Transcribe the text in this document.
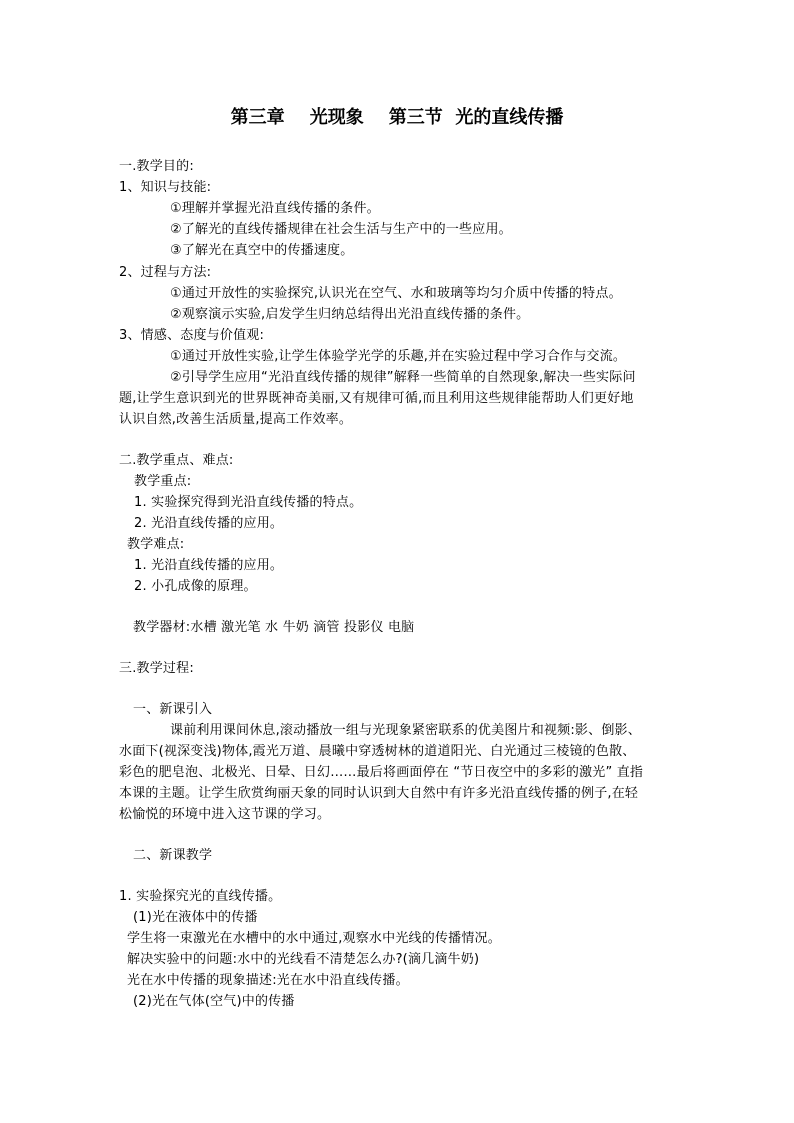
第三章    光现象    第三节  光的直线传播
一.教学目的:
1、知识与技能:
①理解并掌握光沿直线传播的条件。
②了解光的直线传播规律在社会生活与生产中的一些应用。
③了解光在真空中的传播速度。
2、过程与方法:
①通过开放性的实验探究,认识光在空气、水和玻璃等均匀介质中传播的特点。
②观察演示实验,启发学生归纳总结得出光沿直线传播的条件。
3、情感、态度与价值观:
①通过开放性实验,让学生体验学光学的乐趣,并在实验过程中学习合作与交流。
②引导学生应用“光沿直线传播的规律”解释一些简单的自然现象,解决一些实际问
题,让学生意识到光的世界既神奇美丽,又有规律可循,而且利用这些规律能帮助人们更好地
认识自然,改善生活质量,提高工作效率。
二.教学重点、难点:
教学重点:
1. 实验探究得到光沿直线传播的特点。
2. 光沿直线传播的应用。
教学难点:
1. 光沿直线传播的应用。
2. 小孔成像的原理。
教学器材:水槽 激光笔 水 牛奶 滴管 投影仪 电脑
三.教学过程:
一、新课引入
课前利用课间休息,滚动播放一组与光现象紧密联系的优美图片和视频:影、倒影、
水面下(视深变浅)物体,霞光万道、晨曦中穿透树林的道道阳光、白光通过三棱镜的色散、
彩色的肥皂泡、北极光、日晕、日幻……最后将画面停在 “节日夜空中的多彩的激光” 直指
本课的主题。让学生欣赏绚丽天象的同时认识到大自然中有许多光沿直线传播的例子,在轻
松愉悦的环境中进入这节课的学习。
二、新课教学
1. 实验探究光的直线传播。
(1)光在液体中的传播
学生将一束激光在水槽中的水中通过,观察水中光线的传播情况。
解决实验中的问题:水中的光线看不清楚怎么办?(滴几滴牛奶)
光在水中传播的现象描述:光在水中沿直线传播。
(2)光在气体(空气)中的传播
